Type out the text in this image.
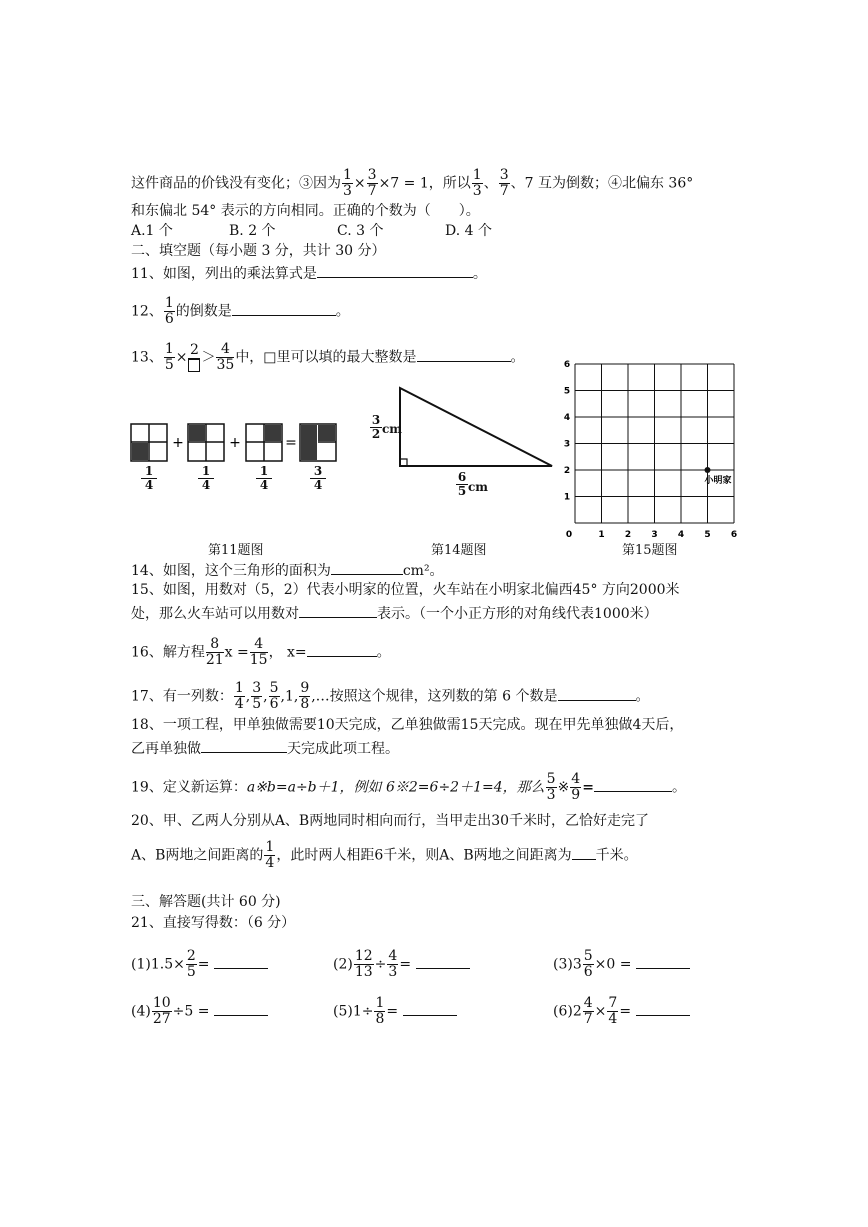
这件商品的价钱没有变化；③因为 $\frac{1}{3} \times \frac{3}{7} \times 7 = 1$，所以 $\frac{1}{3}$ 、 $\frac{3}{7}$ 、7 互为倒数；④北偏东 36°
和东偏北 54° 表示的方向相同。正确的个数为（　　）。
A.1 个	B. 2 个	C. 3 个	D. 4 个
二、填空题（每小题 3 分，共计 30 分）
11、如图，列出的乘法算式是	。
12、 $\frac{1}{6}$ 的倒数是	。
13、 $\frac{1}{5} \times 2 > \frac{4}{35}$ 中，□里可以填的最大整数是	。
+	+	=
1
4
1
4
1
4
3
4
3
2 cm
6
5 cm
0	1 2 3 4 5 6
1
2
3
4
5
6
小明家
第11题图	第14题图	第15题图
14、如图，这个三角形的面积为	cm²。
15、如图，用数对（5，2）代表小明家的位置，火车站在小明家北偏西45° 方向2000米
处，那么火车站可以用数对	表示。（一个小正方形的对角线代表1000米）
16、解方程 $\frac{8}{21}$ $x = \frac{4}{15}$ ， x=	。
17、有一列数： $\frac{1}{4}$ , $\frac{3}{5}$ , $\frac{5}{6} ,1$, $\frac{9}{8}$ ,…按照这个规律，这列数的第 6 个数是	。
18、一项工程，甲单独做需要10天完成，乙单独做需15天完成。现在甲先单独做4天后，
乙再单独做	天完成此项工程。
19、定义新运算：a※b=a÷b＋1，例如 6※2=6÷2＋1=4，那么 $\frac{5}{3}$ ※ $\frac{4}{9}$ =	。
20、甲、乙两人分别从A、B两地同时相向而行，当甲走出30千米时，乙恰好走完了
A、B两地之间距离的 $\frac{1}{4}$ ，此时两人相距6千米，则A、B两地之间距离为 千米。
三、解答题(共计 60 分)
21、直接写得数：（6 分）
$(1)1.5\times \frac{2}{5}$ =	$(2) \frac{12}{13} \div \frac{4}{3}$ =	$(3)3 \frac{5}{6} \times 0$ =
$(4) \frac{10}{27} \div 5$ =	$(5)1\div \frac{1}{8}$ =	$(6)2 \frac{4}{7} \times \frac{7}{4}$ =
